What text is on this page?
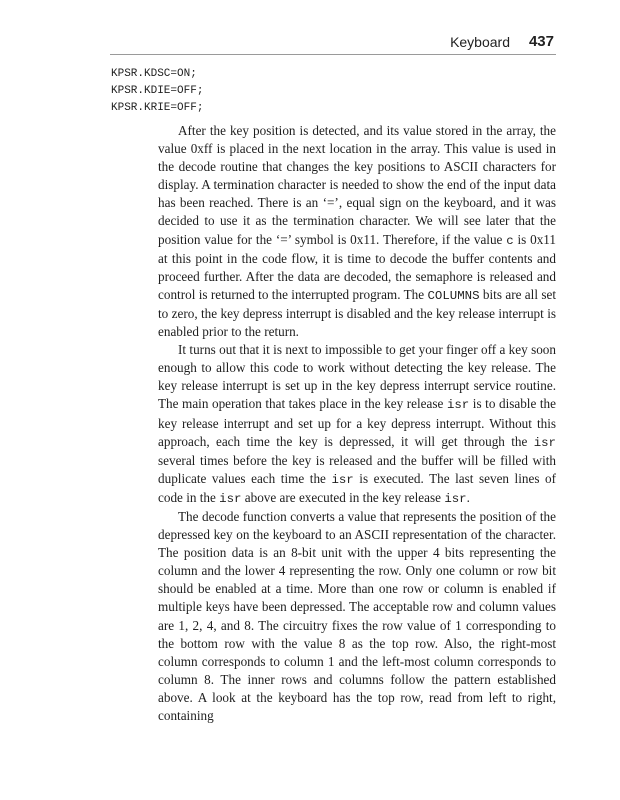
Keyboard 437
KPSR.KDSC=ON;
KPSR.KDIE=OFF;
KPSR.KRIE=OFF;

After the key position is detected, and its value stored in the array, the value 0xff is placed in the next location in the array. This value is used in the decode routine that changes the key positions to ASCII characters for display. A termination character is needed to show the end of the input data has been reached. There is an ‘=’, equal sign on the keyboard, and it was decided to use it as the termination character. We will see later that the position value for the ‘=’ symbol is 0x11. Therefore, if the value c is 0x11 at this point in the code flow, it is time to decode the buffer contents and proceed further. After the data are decoded, the semaphore is released and control is returned to the interrupted program. The COLUMNS bits are all set to zero, the key depress interrupt is disabled and the key release interrupt is enabled prior to the return.

It turns out that it is next to impossible to get your finger off a key soon enough to allow this code to work without detecting the key release. The key release interrupt is set up in the key depress interrupt service routine. The main operation that takes place in the key release isr is to disable the key release interrupt and set up for a key depress interrupt. Without this approach, each time the key is depressed, it will get through the isr several times before the key is released and the buffer will be filled with duplicate values each time the isr is executed. The last seven lines of code in the isr above are executed in the key release isr.

The decode function converts a value that represents the position of the depressed key on the keyboard to an ASCII representation of the character. The position data is an 8-bit unit with the upper 4 bits representing the column and the lower 4 representing the row. Only one column or row bit should be enabled at a time. More than one row or column is enabled if multiple keys have been depressed. The acceptable row and column values are 1, 2, 4, and 8. The circuitry fixes the row value of 1 corresponding to the bottom row with the value 8 as the top row. Also, the right-most column corresponds to column 1 and the left-most column corresponds to column 8. The inner rows and columns follow the pattern established above. A look at the keyboard has the top row, read from left to right, containing
